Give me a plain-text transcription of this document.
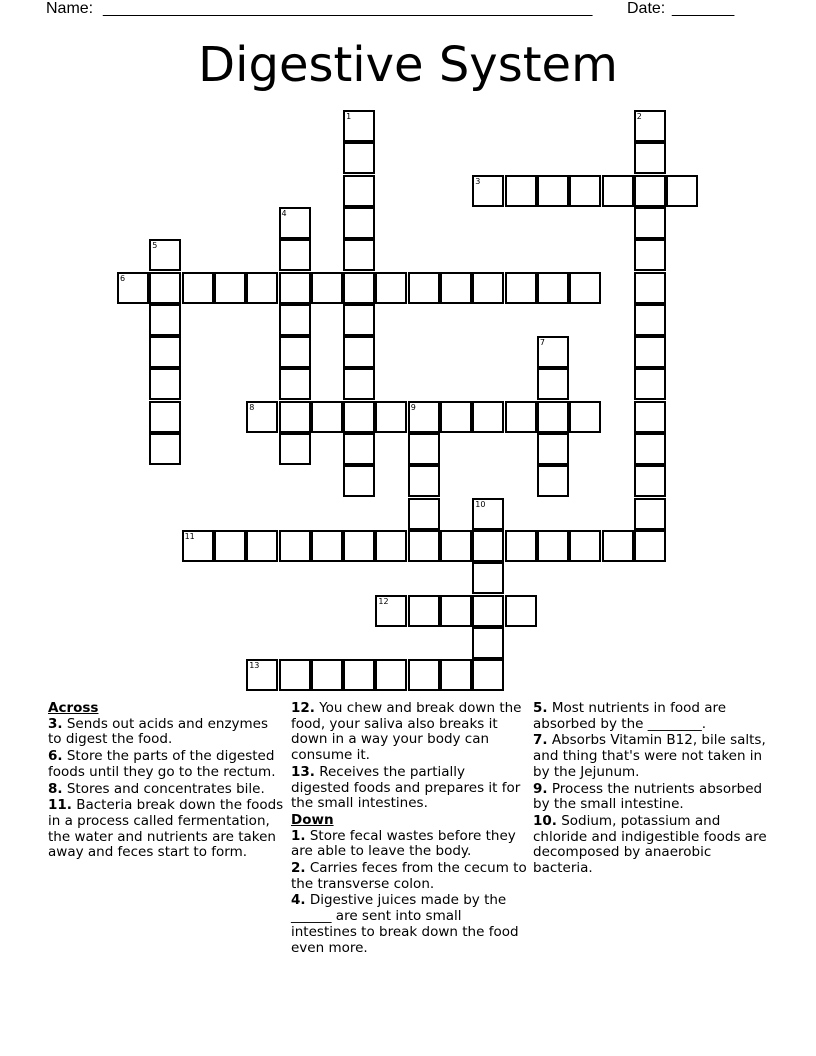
Name: _______________________________________________________ Date: _______
Digestive System
1	2
3
4
5
6
7
8	9
10
11
12
13
Across
3. Sends out acids and enzymes to digest the food.
6. Store the parts of the digested foods until they go to the rectum.
8. Stores and concentrates bile.
11. Bacteria break down the foods in a process called fermentation, the water and nutrients are taken away and feces start to form.
12. You chew and break down the food, your saliva also breaks it down in a way your body can consume it.
13. Receives the partially digested foods and prepares it for the small intestines.
Down
1. Store fecal wastes before they are able to leave the body.
2. Carries feces from the cecum to the transverse colon.
4. Digestive juices made by the ______ are sent into small intestines to break down the food even more.
5. Most nutrients in food are absorbed by the ________.
7. Absorbs Vitamin B12, bile salts, and thing that's were not taken in by the Jejunum.
9. Process the nutrients absorbed by the small intestine.
10. Sodium, potassium and chloride and indigestible foods are decomposed by anaerobic bacteria.
